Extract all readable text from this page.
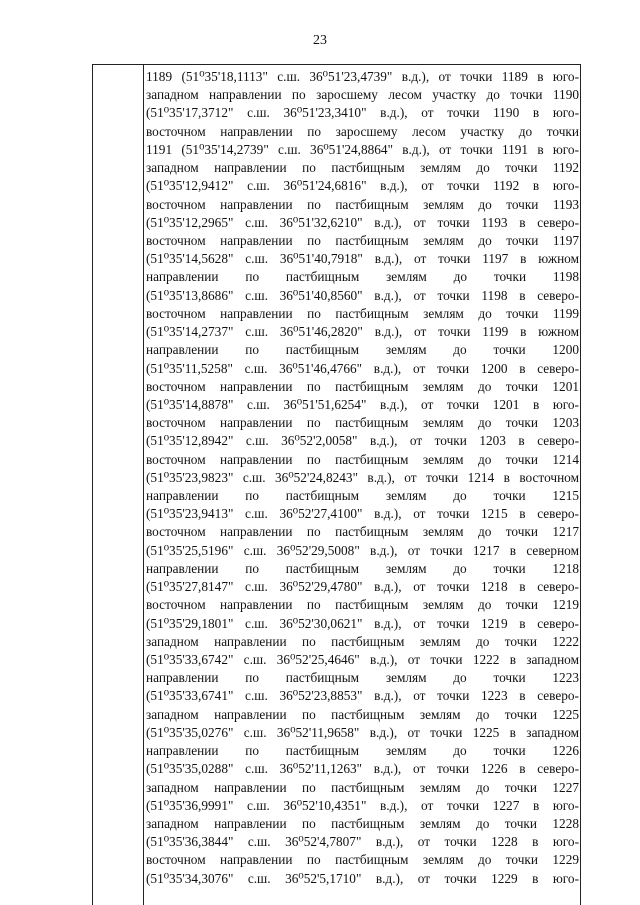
23
1189 (51⁰35'18,1113" с.ш. 36⁰51'23,4739" в.д.), от точки 1189 в юго-
западном направлении по заросшему лесом участку до точки 1190
(51⁰35'17,3712" с.ш. 36⁰51'23,3410" в.д.), от точки 1190 в юго-
восточном направлении по заросшему лесом участку до точки
1191 (51⁰35'14,2739" с.ш. 36⁰51'24,8864" в.д.), от точки 1191 в юго-
западном направлении по пастбищным землям до точки 1192
(51⁰35'12,9412" с.ш. 36⁰51'24,6816" в.д.), от точки 1192 в юго-
восточном направлении по пастбищным землям до точки 1193
(51⁰35'12,2965" с.ш. 36⁰51'32,6210" в.д.), от точки 1193 в северо-
восточном направлении по пастбищным землям до точки 1197
(51⁰35'14,5628" с.ш. 36⁰51'40,7918" в.д.), от точки 1197 в южном
направлении по пастбищным землям до точки 1198
(51⁰35'13,8686" с.ш. 36⁰51'40,8560" в.д.), от точки 1198 в северо-
восточном направлении по пастбищным землям до точки 1199
(51⁰35'14,2737" с.ш. 36⁰51'46,2820" в.д.), от точки 1199 в южном
направлении по пастбищным землям до точки 1200
(51⁰35'11,5258" с.ш. 36⁰51'46,4766" в.д.), от точки 1200 в северо-
восточном направлении по пастбищным землям до точки 1201
(51⁰35'14,8878" с.ш. 36⁰51'51,6254" в.д.), от точки 1201 в юго-
восточном направлении по пастбищным землям до точки 1203
(51⁰35'12,8942" с.ш. 36⁰52'2,0058" в.д.), от точки 1203 в северо-
восточном направлении по пастбищным землям до точки 1214
(51⁰35'23,9823" с.ш. 36⁰52'24,8243" в.д.), от точки 1214 в восточном
направлении по пастбищным землям до точки 1215
(51⁰35'23,9413" с.ш. 36⁰52'27,4100" в.д.), от точки 1215 в северо-
восточном направлении по пастбищным землям до точки 1217
(51⁰35'25,5196" с.ш. 36⁰52'29,5008" в.д.), от точки 1217 в северном
направлении по пастбищным землям до точки 1218
(51⁰35'27,8147" с.ш. 36⁰52'29,4780" в.д.), от точки 1218 в северо-
восточном направлении по пастбищным землям до точки 1219
(51⁰35'29,1801" с.ш. 36⁰52'30,0621" в.д.), от точки 1219 в северо-
западном направлении по пастбищным землям до точки 1222
(51⁰35'33,6742" с.ш. 36⁰52'25,4646" в.д.), от точки 1222 в западном
направлении по пастбищным землям до точки 1223
(51⁰35'33,6741" с.ш. 36⁰52'23,8853" в.д.), от точки 1223 в северо-
западном направлении по пастбищным землям до точки 1225
(51⁰35'35,0276" с.ш. 36⁰52'11,9658" в.д.), от точки 1225 в западном
направлении по пастбищным землям до точки 1226
(51⁰35'35,0288" с.ш. 36⁰52'11,1263" в.д.), от точки 1226 в северо-
западном направлении по пастбищным землям до точки 1227
(51⁰35'36,9991" с.ш. 36⁰52'10,4351" в.д.), от точки 1227 в юго-
западном направлении по пастбищным землям до точки 1228
(51⁰35'36,3844" с.ш. 36⁰52'4,7807" в.д.), от точки 1228 в юго-
восточном направлении по пастбищным землям до точки 1229
(51⁰35'34,3076" с.ш. 36⁰52'5,1710" в.д.), от точки 1229 в юго-
